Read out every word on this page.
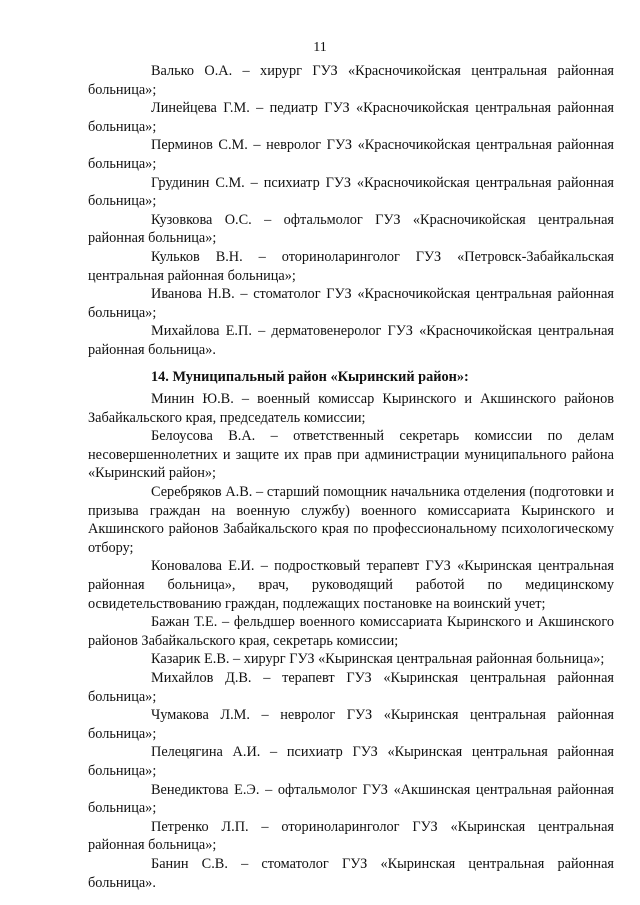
11

Валько О.А. – хирург ГУЗ «Красночикойская центральная районная больница»;

Линейцева Г.М. – педиатр ГУЗ «Красночикойская центральная районная больница»;

Перминов С.М. – невролог ГУЗ «Красночикойская центральная районная больница»;

Грудинин С.М. – психиатр ГУЗ «Красночикойская центральная районная больница»;

Кузовкова О.С. – офтальмолог ГУЗ «Красночикойская центральная районная больница»;

Кульков В.Н. – оториноларинголог ГУЗ «Петровск-Забайкальская центральная районная больница»;

Иванова Н.В. – стоматолог ГУЗ «Красночикойская центральная районная больница»;

Михайлова Е.П. – дерматовенеролог ГУЗ «Красночикойская центральная районная больница».

14. Муниципальный район «Кыринский район»:

Минин Ю.В. – военный комиссар Кыринского и Акшинского районов Забайкальского края, председатель комиссии;

Белоусова В.А. – ответственный секретарь комиссии по делам несовершеннолетних и защите их прав при администрации муниципального района «Кыринский район»;

Серебряков А.В. – старший помощник начальника отделения (подготовки и призыва граждан на военную службу) военного комиссариата Кыринского и Акшинского районов Забайкальского края по профессиональному психологическому отбору;

Коновалова Е.И. – подростковый терапевт ГУЗ «Кыринская центральная районная больница», врач, руководящий работой по медицинскому освидетельствованию граждан, подлежащих постановке на воинский учет;

Бажан Т.Е. – фельдшер военного комиссариата Кыринского и Акшинского районов Забайкальского края, секретарь комиссии;

Казарик Е.В. – хирург ГУЗ «Кыринская центральная районная больница»;

Михайлов Д.В. – терапевт ГУЗ «Кыринская центральная районная больница»;

Чумакова Л.М. – невролог ГУЗ «Кыринская центральная районная больница»;

Пелецягина А.И. – психиатр ГУЗ «Кыринская центральная районная больница»;

Венедиктова Е.Э. – офтальмолог ГУЗ «Акшинская центральная районная больница»;

Петренко Л.П. – оториноларинголог ГУЗ «Кыринская центральная районная больница»;

Банин С.В. – стоматолог ГУЗ «Кыринская центральная районная больница».
